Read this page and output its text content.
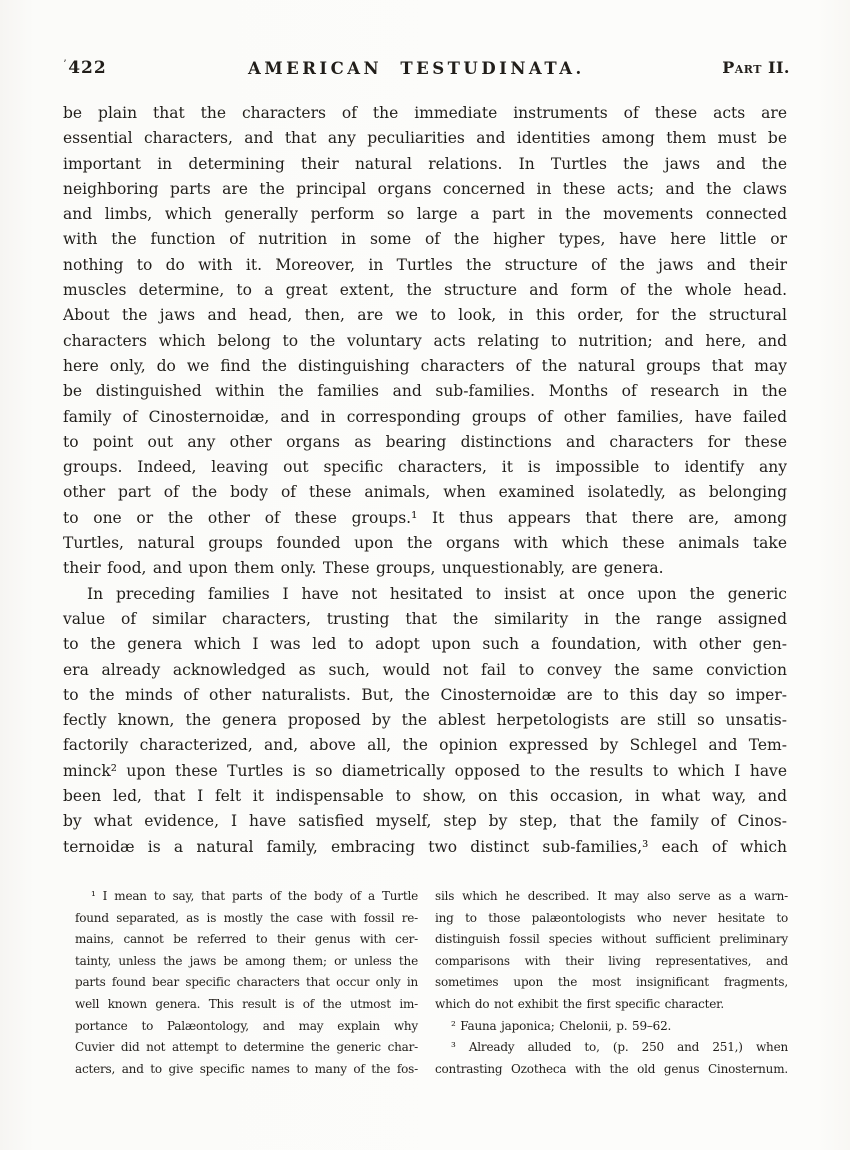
$^ʼ$422	AMERICAN TESTUDINATA.	Part II.
be plain that the characters of the immediate instruments of these acts are
essential characters, and that any peculiarities and identities among them must be
important in determining their natural relations. In Turtles the jaws and the
neighboring parts are the principal organs concerned in these acts; and the claws
and limbs, which generally perform so large a part in the movements connected
with the function of nutrition in some of the higher types, have here little or
nothing to do with it. Moreover, in Turtles the structure of the jaws and their
muscles determine, to a great extent, the structure and form of the whole head.
About the jaws and head, then, are we to look, in this order, for the structural
characters which belong to the voluntary acts relating to nutrition; and here, and
here only, do we find the distinguishing characters of the natural groups that may
be distinguished within the families and sub-families. Months of research in the
family of Cinosternoidæ, and in corresponding groups of other families, have failed
to point out any other organs as bearing distinctions and characters for these
groups. Indeed, leaving out specific characters, it is impossible to identify any
other part of the body of these animals, when examined isolatedly, as belonging
to one or the other of these groups.¹ It thus appears that there are, among
Turtles, natural groups founded upon the organs with which these animals take
their food, and upon them only. These groups, unquestionably, are genera.
In preceding families I have not hesitated to insist at once upon the generic
value of similar characters, trusting that the similarity in the range assigned
to the genera which I was led to adopt upon such a foundation, with other gen-
era already acknowledged as such, would not fail to convey the same conviction
to the minds of other naturalists. But, the Cinosternoidæ are to this day so imper-
fectly known, the genera proposed by the ablest herpetologists are still so unsatis-
factorily characterized, and, above all, the opinion expressed by Schlegel and Tem-
minck² upon these Turtles is so diametrically opposed to the results to which I have
been led, that I felt it indispensable to show, on this occasion, in what way, and
by what evidence, I have satisfied myself, step by step, that the family of Cinos-
ternoidæ is a natural family, embracing two distinct sub-families,³ each of which
¹ I mean to say, that parts of the body of a Turtle
found separated, as is mostly the case with fossil re-
mains, cannot be referred to their genus with cer-
tainty, unless the jaws be among them; or unless the
parts found bear specific characters that occur only in
well known genera. This result is of the utmost im-
portance to Palæontology, and may explain why
Cuvier did not attempt to determine the generic char-
acters, and to give specific names to many of the fos-
sils which he described. It may also serve as a warn-
ing to those palæontologists who never hesitate to
distinguish fossil species without sufficient preliminary
comparisons with their living representatives, and
sometimes upon the most insignificant fragments,
which do not exhibit the first specific character.
² Fauna japonica; Chelonii, p. 59–62.
³ Already alluded to, (p. 250 and 251,) when
contrasting Ozotheca with the old genus Cinosternum.
